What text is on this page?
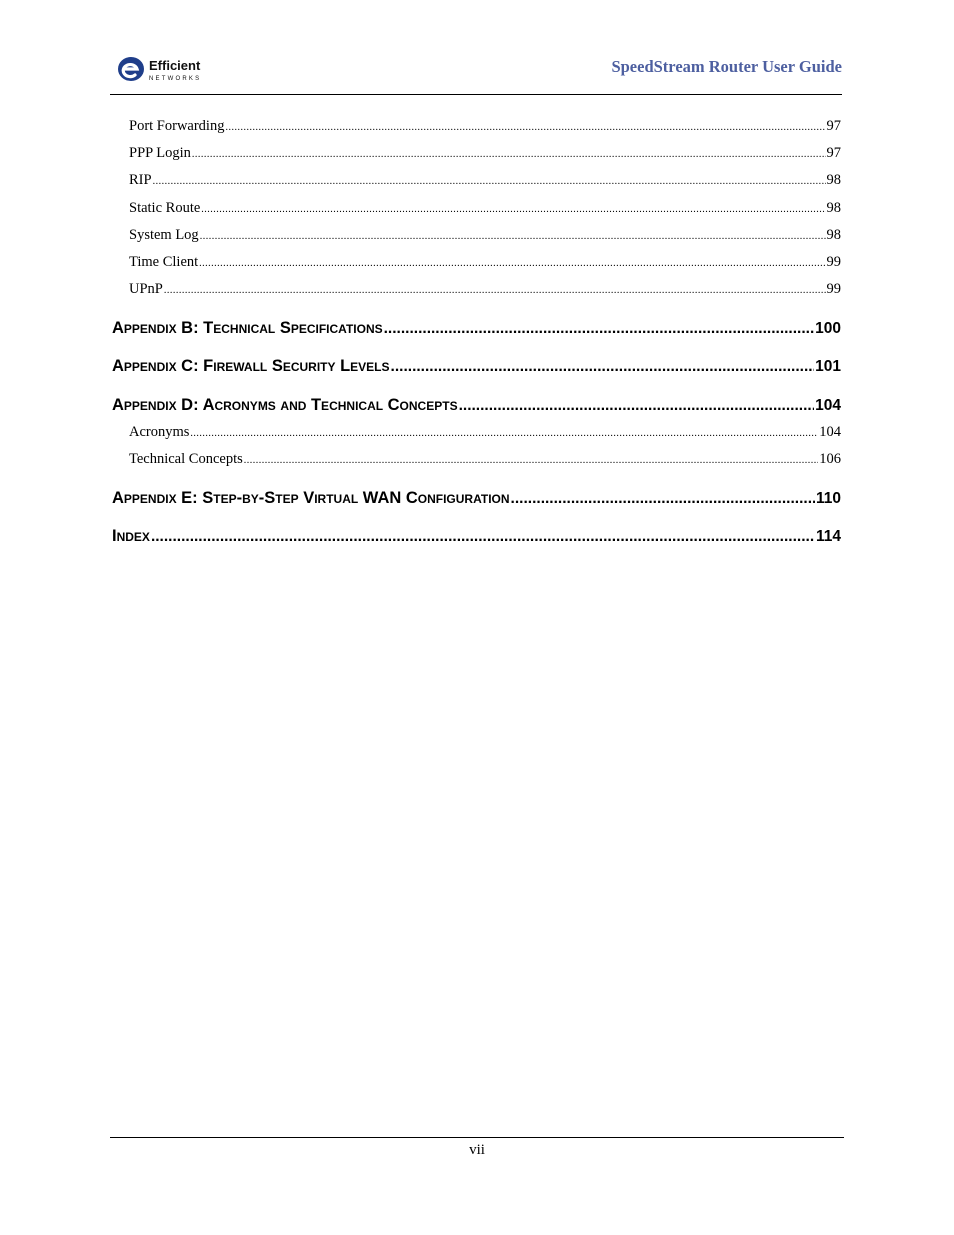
Efficient
NETWORKS
SpeedStream Router User Guide
Port Forwarding .....	97
PPP Login .....	97
RIP .....	98
Static Route .....	98
System Log .....	98
Time Client .....	99
UPnP .....	99
Appendix B: Technical Specifications .....	100
Appendix C: Firewall Security Levels .....	101
Appendix D: Acronyms and Technical Concepts .....	104
Acronyms .....	104
Technical Concepts .....	106
Appendix E: Step-by-Step Virtual WAN Configuration .....	110
Index .....	114
vii
